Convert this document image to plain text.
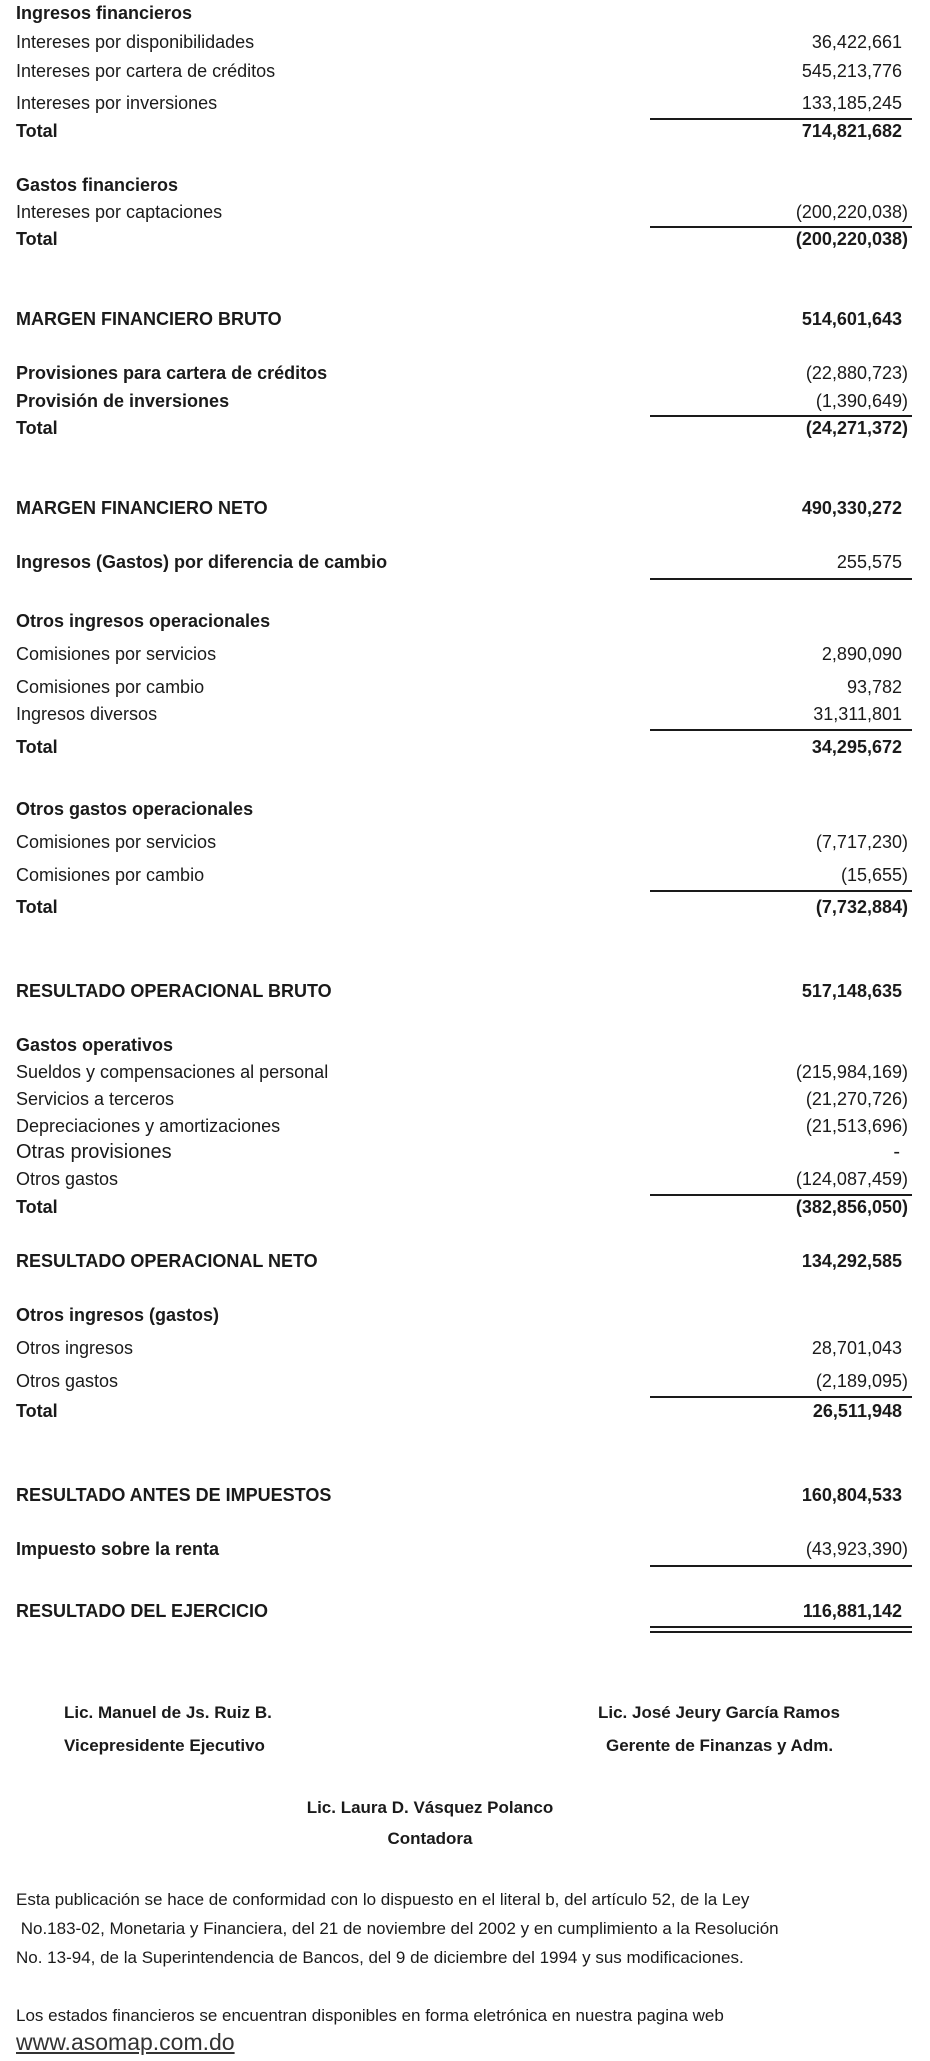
Ingresos financieros
Intereses por disponibilidades	36,422,661
Intereses por cartera de créditos	545,213,776
Intereses por inversiones	133,185,245
Total	714,821,682
Gastos financieros
Intereses por captaciones	(200,220,038)
Total	(200,220,038)
MARGEN FINANCIERO BRUTO	514,601,643
Provisiones para cartera de créditos	(22,880,723)
Provisión de inversiones	(1,390,649)
Total	(24,271,372)
MARGEN FINANCIERO NETO	490,330,272
Ingresos (Gastos) por diferencia de cambio	255,575
Otros ingresos operacionales
Comisiones por servicios	2,890,090
Comisiones por cambio	93,782
Ingresos diversos	31,311,801
Total	34,295,672
Otros gastos operacionales
Comisiones por servicios	(7,717,230)
Comisiones por cambio	(15,655)
Total	(7,732,884)
RESULTADO OPERACIONAL BRUTO	517,148,635
Gastos operativos
Sueldos y compensaciones al personal	(215,984,169)
Servicios a terceros	(21,270,726)
Depreciaciones y amortizaciones	(21,513,696)
Otras provisiones	-
Otros gastos	(124,087,459)
Total	(382,856,050)
RESULTADO OPERACIONAL NETO	134,292,585
Otros ingresos (gastos)
Otros ingresos	28,701,043
Otros gastos	(2,189,095)
Total	26,511,948
RESULTADO ANTES DE IMPUESTOS	160,804,533
Impuesto sobre la renta	(43,923,390)
RESULTADO DEL EJERCICIO	116,881,142
Lic. Manuel de Js. Ruiz B.
Vicepresidente Ejecutivo
Lic. José Jeury García Ramos
Gerente de Finanzas y Adm.
Lic. Laura D. Vásquez Polanco
Contadora
Esta publicación se hace de conformidad con lo dispuesto en el literal b, del artículo 52, de la Ley
No.183-02, Monetaria y Financiera, del 21 de noviembre del 2002 y en cumplimiento a la Resolución
No. 13-94, de la Superintendencia de Bancos, del 9 de diciembre del 1994 y sus modificaciones.
Los estados financieros se encuentran disponibles en forma eletrónica en nuestra pagina web
www.asomap.com.do
